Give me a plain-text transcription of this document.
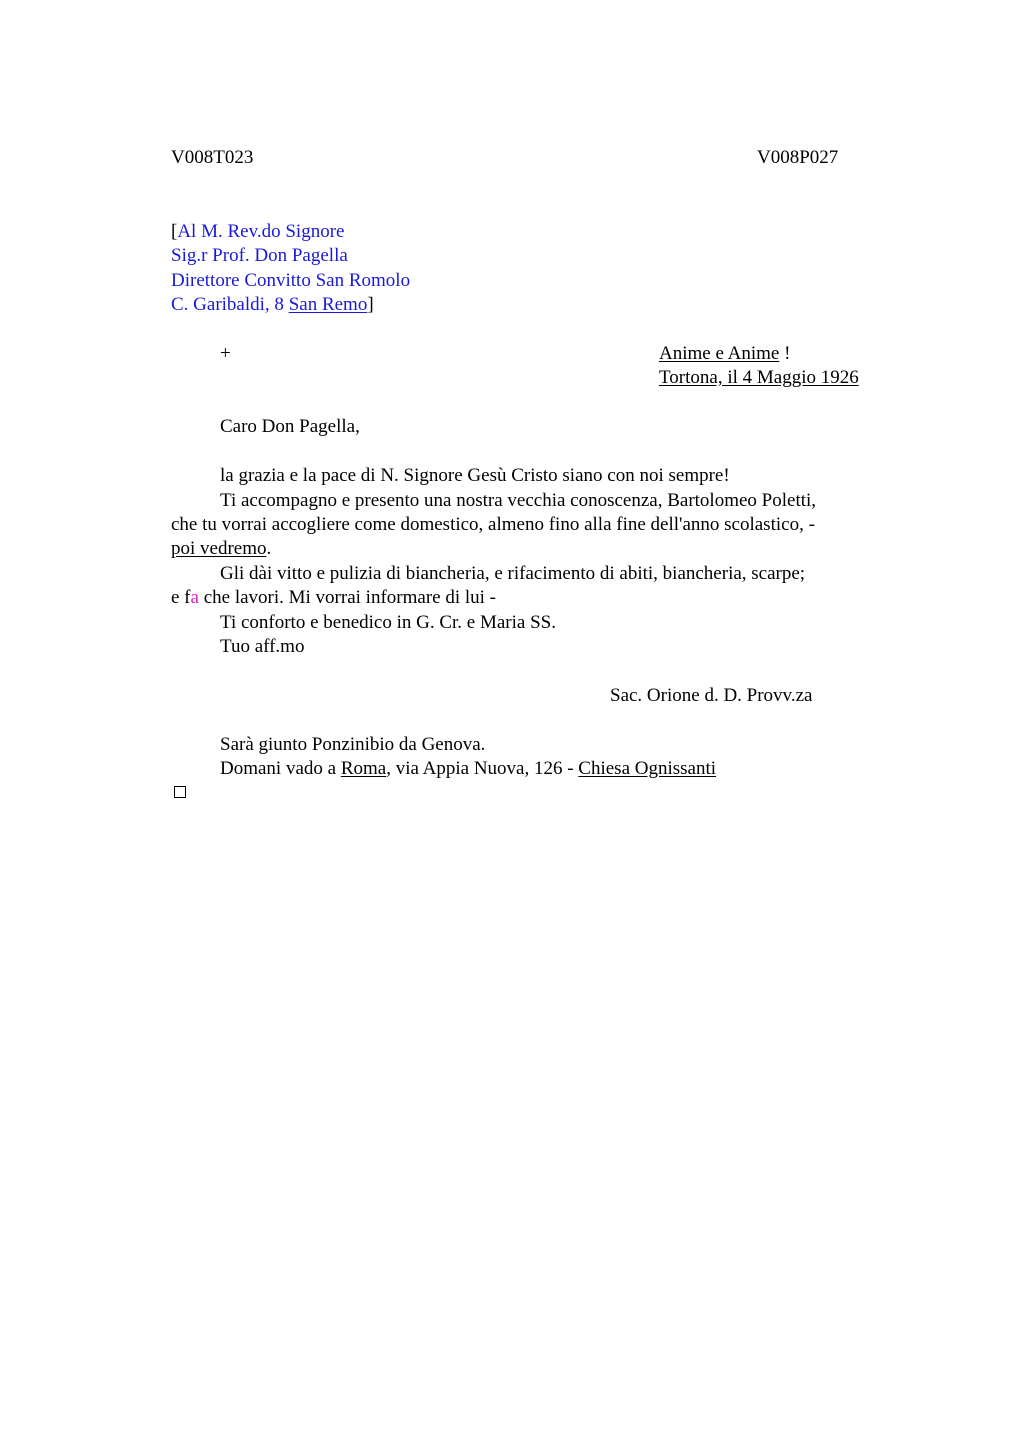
V008T023	V008P027
[Al M. Rev.do Signore
Sig.r Prof. Don Pagella
Direttore Convitto San Romolo
C. Garibaldi, 8 San Remo]
+	Anime e Anime !
Tortona, il 4 Maggio 1926
Caro Don Pagella,
la grazia e la pace di N. Signore Gesù Cristo siano con noi sempre!
Ti accompagno e presento una nostra vecchia conoscenza, Bartolomeo Poletti,
che tu vorrai accogliere come domestico, almeno fino alla fine dell'anno scolastico, -
poi vedremo.
Gli dài vitto e pulizia di biancheria, e rifacimento di abiti, biancheria, scarpe;
e fa che lavori. Mi vorrai informare di lui -
Ti conforto e benedico in G. Cr. e Maria SS.
Tuo aff.mo
Sac. Orione d. D. Provv.za
Sarà giunto Ponzinibio da Genova.
Domani vado a Roma, via Appia Nuova, 126 - Chiesa Ognissanti
